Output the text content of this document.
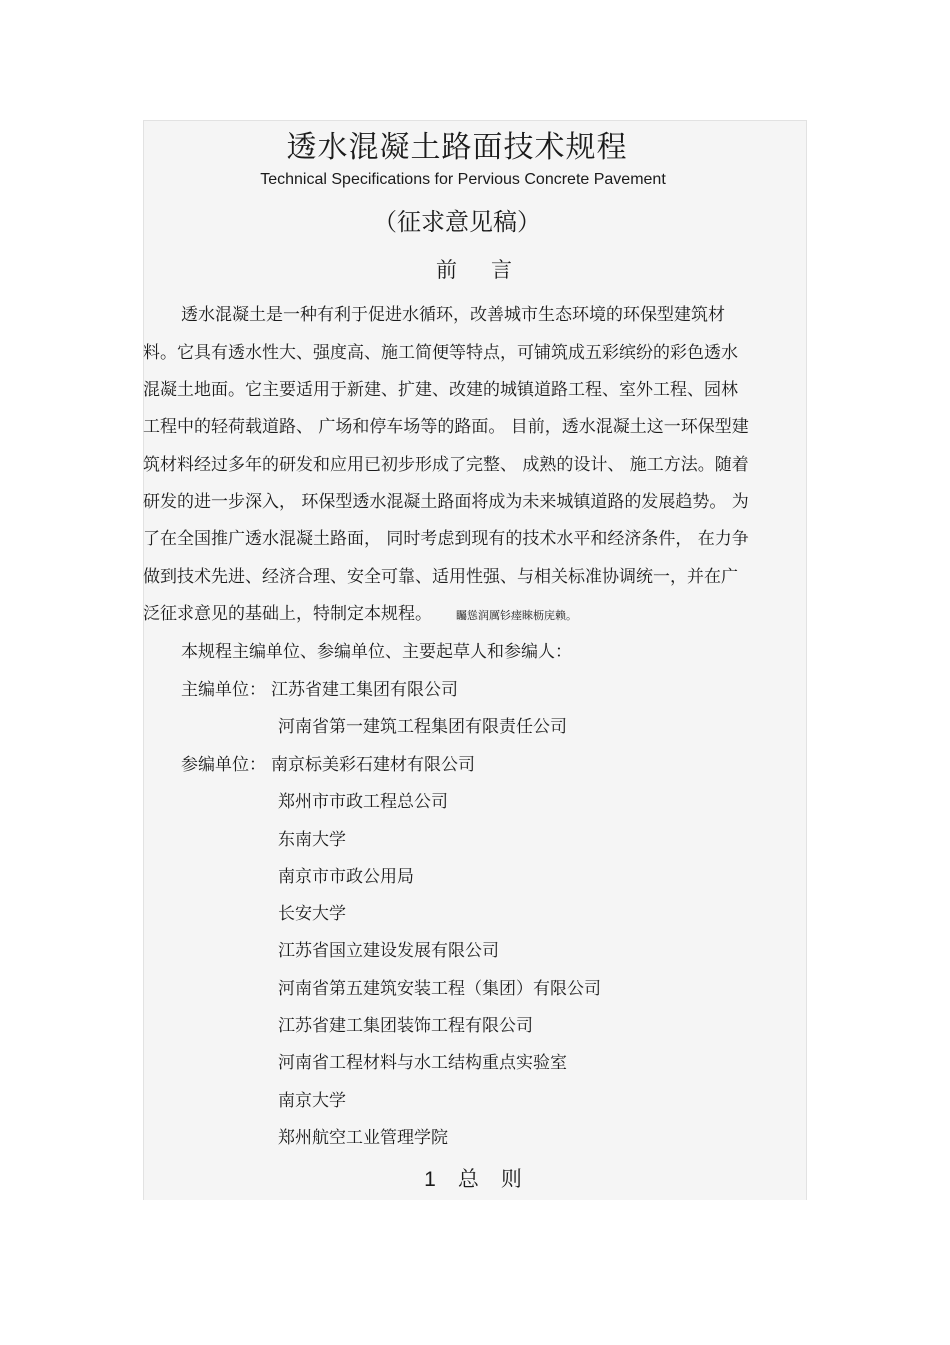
透水混凝土路面技术规程
Technical Specifications for Pervious Concrete Pavement
（征求意见稿）
前 言
透水混凝土是一种有利于促进水循环，改善城市生态环境的环保型建筑材
料。它具有透水性大、强度高、施工简便等特点，可铺筑成五彩缤纷的彩色透水
混凝土地面。它主要适用于新建、扩建、改建的城镇道路工程、室外工程、园林
工程中的轻荷载道路、 广场和停车场等的路面。 目前，透水混凝土这一环保型建
筑材料经过多年的研发和应用已初步形成了完整、 成熟的设计、 施工方法。随着
研发的进一步深入， 环保型透水混凝土路面将成为未来城镇道路的发展趋势。 为
了在全国推广透水混凝土路面， 同时考虑到现有的技术水平和经济条件， 在力争
做到技术先进、经济合理、安全可靠、适用性强、与相关标准协调统一，并在广
泛征求意见的基础上，特制定本规程。 矚慫润厲钐瘗睞枥庑赖。
本规程主编单位、参编单位、主要起草人和参编人：
主编单位： 江苏省建工集团有限公司
河南省第一建筑工程集团有限责任公司
参编单位： 南京标美彩石建材有限公司
郑州市市政工程总公司
东南大学
南京市市政公用局
长安大学
江苏省国立建设发展有限公司
河南省第五建筑安装工程（集团）有限公司
江苏省建工集团装饰工程有限公司
河南省工程材料与水工结构重点实验室
南京大学
郑州航空工业管理学院
1 总 则
